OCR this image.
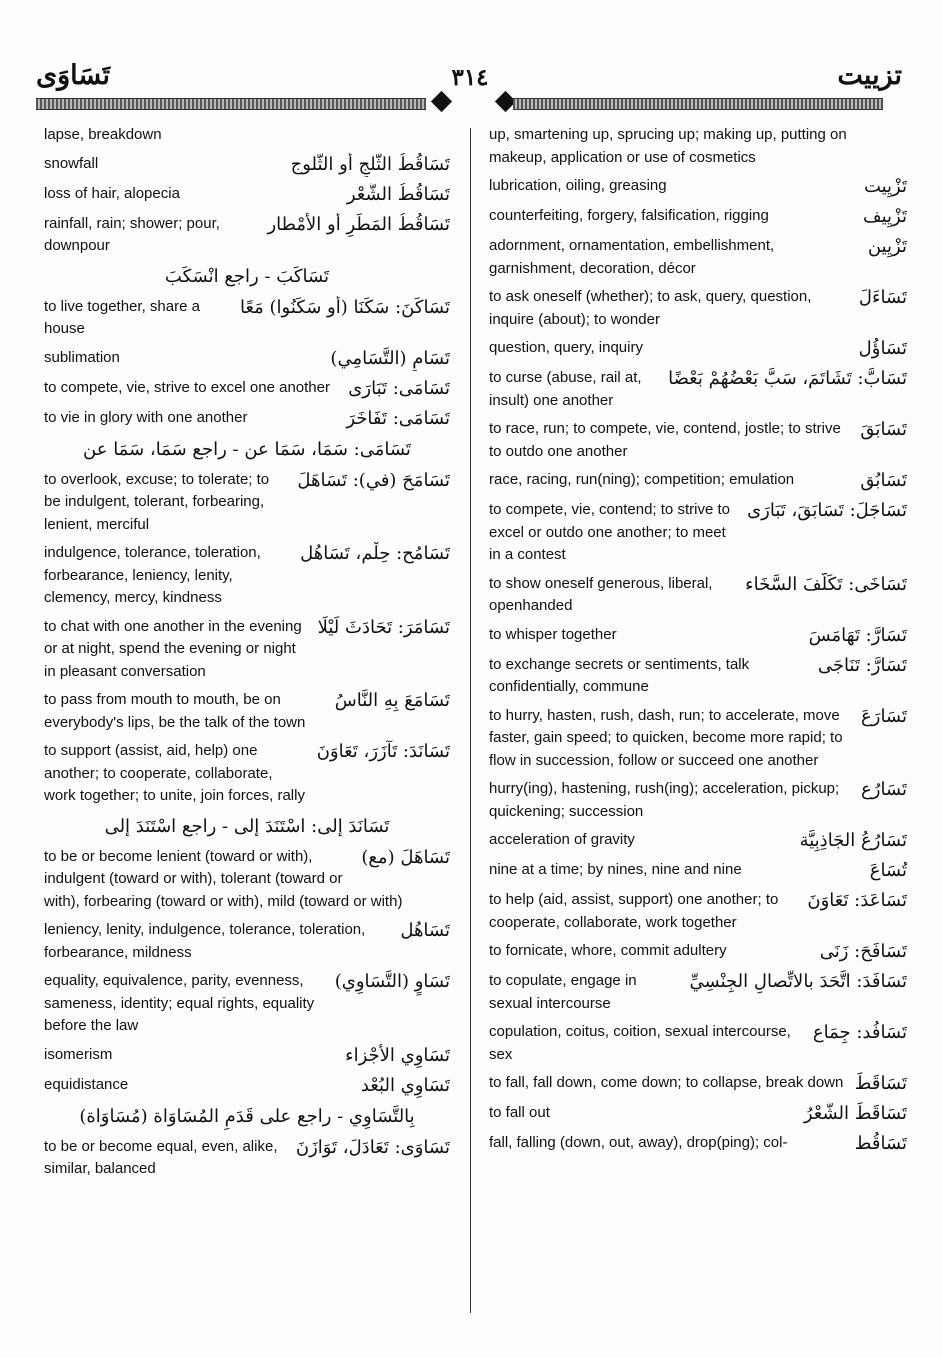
تَسَاوَى	٣١٤	تزييت
lapse, breakdown
تَسَاقُطُ الثَّلجِ أو الثُّلوج
snowfall
تَسَاقُطُ الشَّعْر
loss of hair, alopecia
تَسَاقُطُ المَطَرِ أو الأَمْطار
rainfall, rain; shower; pour, downpour
تَسَاكَبَ - راجع انْسَكَبَ
تَسَاكَنَ: سَكَنَا (أو سَكَنُوا) مَعًا
to live together, share a house
تَسَامٍ (التَّسَامِي)
sublimation
تَسَامَى: تَبَارَى
to compete, vie, strive to excel one another
تَسَامَى: تَفَاخَرَ
to vie in glory with one another
تَسَامَى: سَمَا، سَمَا عن - راجع سَمَا، سَمَا عن
تَسَامَحَ (في): تَسَاهَلَ
to overlook, excuse; to tolerate; to be indulgent, tolerant, forbearing, lenient, merciful
تَسَامُح: حِلْم، تَسَاهُل
indulgence, tolerance, toleration, forbearance, leniency, lenity, clemency, mercy, kindness
تَسَامَرَ: تَحَادَثَ لَيْلًا
to chat with one another in the evening or at night, spend the evening or night in pleasant conversation
تَسَامَعَ بِهِ النَّاسُ
to pass from mouth to mouth, be on everybody's lips, be the talk of the town
تَسَانَدَ: تَآزَرَ، تَعَاوَنَ
to support (assist, aid, help) one another; to cooperate, collaborate, work together; to unite, join forces, rally
تَسَانَدَ إلى: اسْتَنَدَ إلى - راجع اسْتَنَدَ إلى
تَسَاهَلَ (مع)
to be or become lenient (toward or with), indulgent (toward or with), tolerant (toward or with), forbearing (toward or with), mild (toward or with)
تَسَاهُل
leniency, lenity, indulgence, tolerance, toleration, forbearance, mildness
تَسَاوٍ (التَّسَاوِي)
equality, equivalence, parity, evenness, sameness, identity; equal rights, equality before the law
تَسَاوِي الأَجْزاء
isomerism
تَسَاوِي البُعْد
equidistance
بِالتَّسَاوِي - راجع على قَدَمِ المُسَاوَاة (مُسَاوَاة)
تَسَاوَى: تَعَادَلَ، تَوَازَنَ
to be or become equal, even, alike, similar, balanced
up, smartening up, sprucing up; making up, putting on makeup, application or use of cosmetics
تَزْيِيت
lubrication, oiling, greasing
تَزْيِيف
counterfeiting, forgery, falsification, rigging
تَزْيِين
adornment, ornamentation, embellishment, garnishment, decoration, décor
تَسَاءَلَ
to ask oneself (whether); to ask, query, question, inquire (about); to wonder
تَسَاؤُل
question, query, inquiry
تَسَابَّ: تَشَاتَمَ، سَبَّ بَعْضُهُمْ بَعْضًا
to curse (abuse, rail at, insult) one another
تَسَابَقَ
to race, run; to compete, vie, contend, jostle; to strive to outdo one another
تَسَابُق
race, racing, run(ning); competition; emulation
تَسَاجَلَ: تَسَابَقَ، تَبَارَى
to compete, vie, contend; to strive to excel or outdo one another; to meet in a contest
تَسَاخَى: تَكَلَّفَ السَّخَاء
to show oneself generous, liberal, openhanded
تَسَارَّ: تَهَامَسَ
to whisper together
تَسَارَّ: تَنَاجَى
to exchange secrets or sentiments, talk confidentially, commune
تَسَارَعَ
to hurry, hasten, rush, dash, run; to accelerate, move faster, gain speed; to quicken, become more rapid; to flow in succession, follow or succeed one another
تَسَارُع
hurry(ing), hastening, rush(ing); acceleration, pickup; quickening; succession
تَسَارُعُ الجَاذِبِيَّة
acceleration of gravity
تُسَاعَ
nine at a time; by nines, nine and nine
تَسَاعَدَ: تَعَاوَنَ
to help (aid, assist, support) one another; to cooperate, collaborate, work together
تَسَافَحَ: زَنَى
to fornicate, whore, commit adultery
تَسَافَدَ: اتَّحَدَ بالاتِّصالِ الجِنْسِيِّ
to copulate, engage in sexual intercourse
تَسَافُد: جِمَاع
copulation, coitus, coition, sexual intercourse, sex
تَسَاقَطَ
to fall, fall down, come down; to collapse, break down
تَسَاقَطَ الشَّعْرُ
to fall out
تَسَاقُط
fall, falling (down, out, away), drop(ping); col-
